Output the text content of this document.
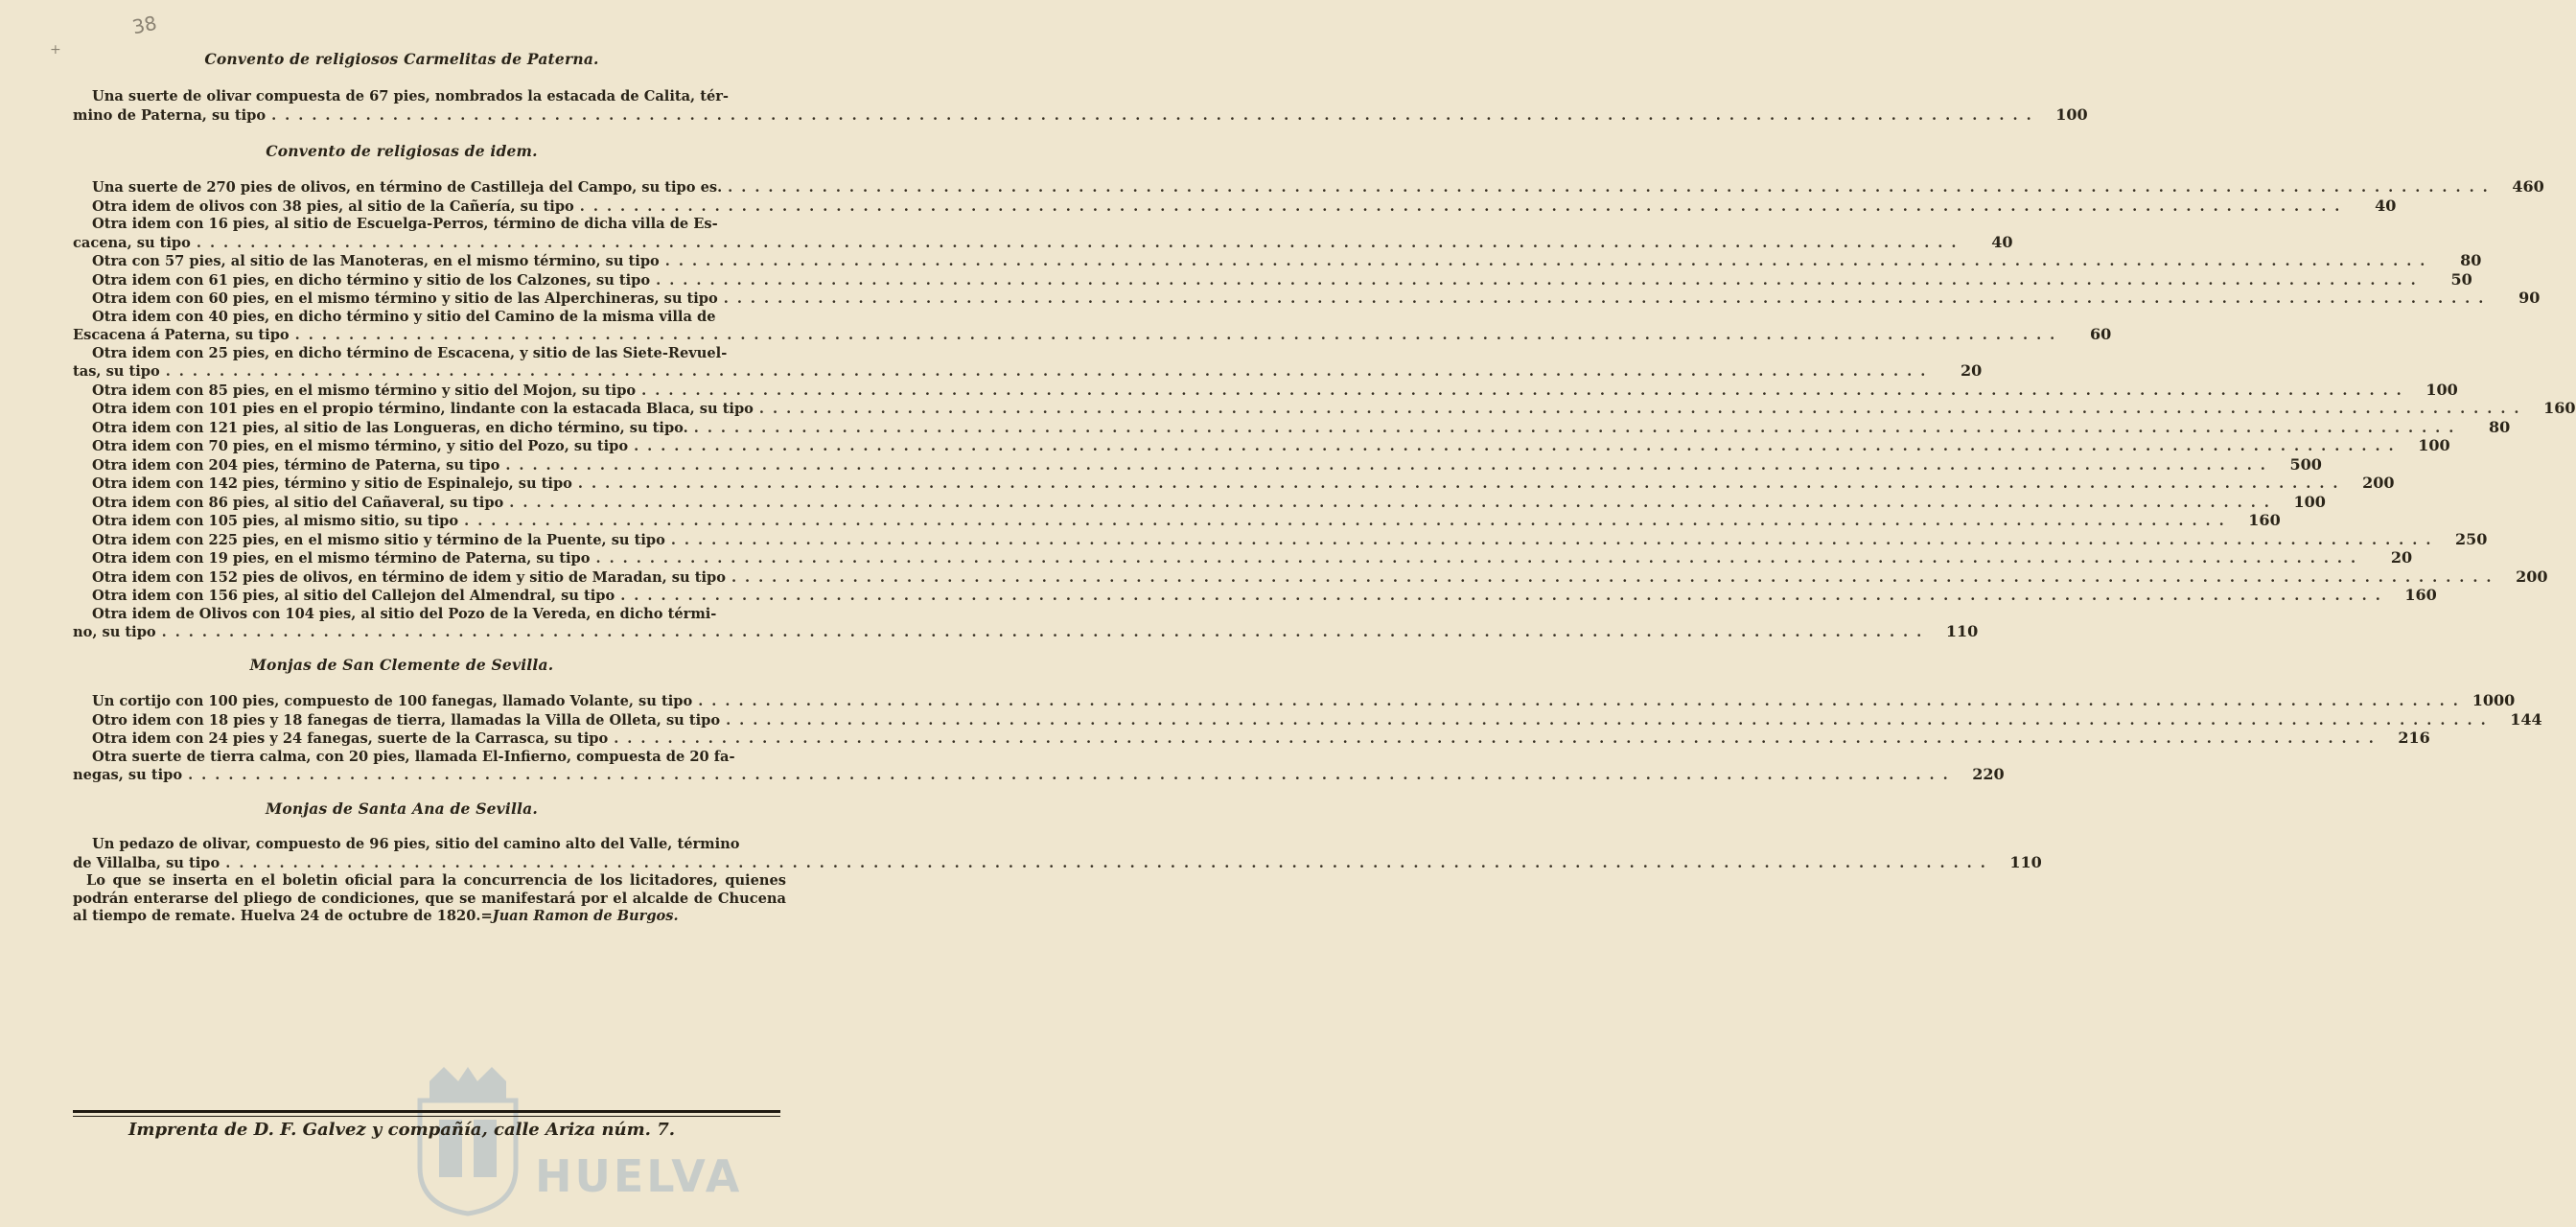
38
+	Convento de religiosos Carmelitas de Paterna.
Una suerte de olivar compuesta de 67 pies, nombrados la estacada de Calita, tér-
mino de Paterna, su tipo .....	100
Convento de religiosas de idem.
Una suerte de 270 pies de olivos, en término de Castilleja del Campo, su tipo es. .....	460
Otra idem de olivos con 38 pies, al sitio de la Cañería, su tipo .....	40
Otra idem con 16 pies, al sitio de Escuelga-Perros, término de dicha villa de Es-
cacena, su tipo .....	40
Otra con 57 pies, al sitio de las Manoteras, en el mismo término, su tipo .....	80
Otra idem con 61 pies, en dicho término y sitio de los Calzones, su tipo .....	50
Otra idem con 60 pies, en el mismo término y sitio de las Alperchineras, su tipo .....	90
Otra idem con 40 pies, en dicho término y sitio del Camino de la misma villa de
Escacena á Paterna, su tipo .....	60
Otra idem con 25 pies, en dicho término de Escacena, y sitio de las Siete-Revuel-
tas, su tipo .....	20
Otra idem con 85 pies, en el mismo término y sitio del Mojon, su tipo .....	100
Otra idem con 101 pies en el propio término, lindante con la estacada Blaca, su tipo .....	160
Otra idem con 121 pies, al sitio de las Longueras, en dicho término, su tipo. .....	80
Otra idem con 70 pies, en el mismo término, y sitio del Pozo, su tipo .....	100
Otra idem con 204 pies, término de Paterna, su tipo .....	500
Otra idem con 142 pies, término y sitio de Espinalejo, su tipo .....	200
Otra idem con 86 pies, al sitio del Cañaveral, su tipo .....	100
Otra idem con 105 pies, al mismo sitio, su tipo .....	160
Otra idem con 225 pies, en el mismo sitio y término de la Puente, su tipo .....	250
Otra idem con 19 pies, en el mismo término de Paterna, su tipo .....	20
Otra idem con 152 pies de olivos, en término de idem y sitio de Maradan, su tipo .....	200
Otra idem con 156 pies, al sitio del Callejon del Almendral, su tipo .....	160
Otra idem de Olivos con 104 pies, al sitio del Pozo de la Vereda, en dicho térmi-
no, su tipo .....	110
Monjas de San Clemente de Sevilla.
Un cortijo con 100 pies, compuesto de 100 fanegas, llamado Volante, su tipo .....	1000
Otro idem con 18 pies y 18 fanegas de tierra, llamadas la Villa de Olleta, su tipo .....	144
Otra idem con 24 pies y 24 fanegas, suerte de la Carrasca, su tipo .....	216
Otra suerte de tierra calma, con 20 pies, llamada El-Infierno, compuesta de 20 fa-
negas, su tipo .....	220
Monjas de Santa Ana de Sevilla.
Un pedazo de olivar, compuesto de 96 pies, sitio del camino alto del Valle, término
de Villalba, su tipo .....	110
Lo que se inserta en el boletin oficial para la concurrencia de los licitadores, quienes podrán enterarse del pliego de condiciones, que se manifestará por el alcalde de Chucena al tiempo de remate. Huelva 24 de octubre de 1820.=Juan Ramon de Burgos.
HUELVA
Imprenta de D. F. Galvez y compañía, calle Ariza núm. 7.
